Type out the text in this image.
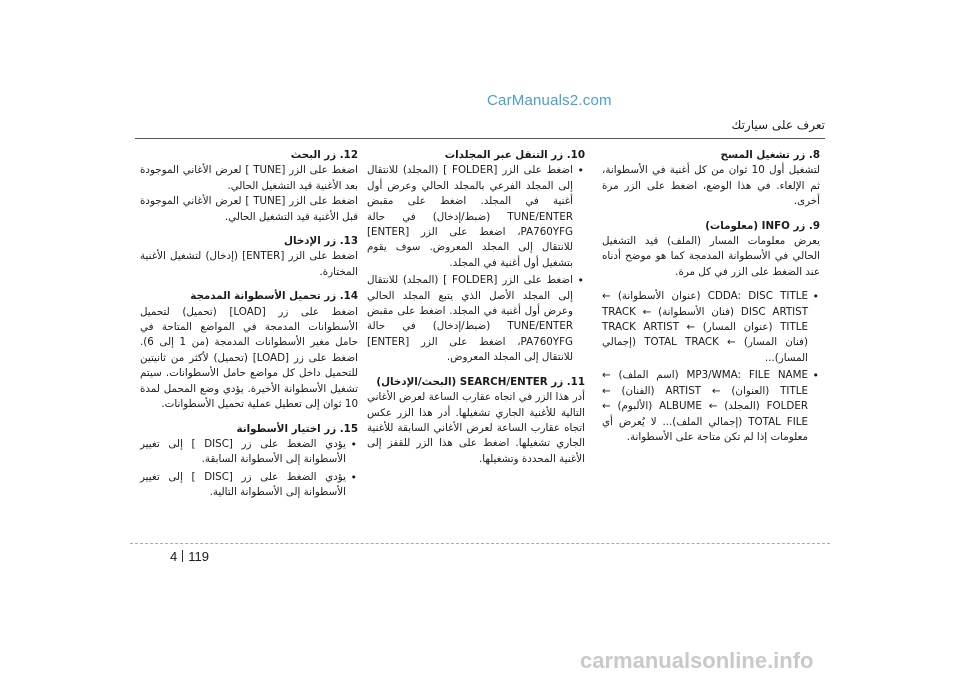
CarManuals2.com
تعرف على سيارتك

8. زر تشغيل المسح

لتشغيل أول 10 ثوان من كل أغنية في الأسطوانة، ثم الإلغاء. في هذا الوضع، اضغط على الزر مرة أخرى.

9. زر INFO (معلومات)

يعرض معلومات المسار (الملف) قيد التشغيل الحالي في الأسطوانة المدمجة كما هو موضح أدناه عند الضغط على الزر في كل مرة.

• CDDA: DISC TITLE (عنوان الأسطوانة) ← DISC ARTIST (فنان الأسطوانة) ← TRACK TITLE (عنوان المسار) ← TRACK ARTIST (فنان المسار) ← TOTAL TRACK (إجمالي المسار)...
• MP3/WMA: FILE NAME (اسم الملف) ← TITLE (العنوان) ← ARTIST (الفنان) ← FOLDER (المجلد) ← ALBUME (الألبوم) ← TOTAL FILE (إجمالي الملف)... لا يُعرض أي معلومات إذا لم تكن متاحة على الأسطوانة.

10. زر التنقل عبر المجلدات

• اضغط على الزر [FOLDER ] (المجلد) للانتقال إلى المجلد الفرعي بالمجلد الحالي وعرض أول أغنية في المجلد. اضغط على مقبض TUNE/ENTER (ضبط/إدخال) في حالة PA760YFG، اضغط على الزر [ENTER] للانتقال إلى المجلد المعروض. سوف يقوم بتشغيل أول أغنية في المجلد.
• اضغط على الزر [FOLDER ] (المجلد) للانتقال إلى المجلد الأصل الذي يتبع المجلد الحالي وعرض أول أغنية في المجلد. اضغط على مقبض TUNE/ENTER (ضبط/إدخال) في حالة PA760YFG، اضغط على الزر [ENTER] للانتقال إلى المجلد المعروض.

11. زر SEARCH/ENTER (البحث/الإدخال)

أدر هذا الزر في اتجاه عقارب الساعة لعرض الأغاني التالية للأغنية الجاري تشغيلها. أدر هذا الزر عكس اتجاه عقارب الساعة لعرض الأغاني السابقة للأغنية الجاري تشغيلها. اضغط على هذا الزر للقفز إلى الأغنية المحددة وتشغيلها.

12. زر البحث

اضغط على الزر [TUNE ] لعرض الأغاني الموجودة بعد الأغنية قيد التشغيل الحالي.

اضغط على الزر [TUNE ] لعرض الأغاني الموجودة قبل الأغنية قيد التشغيل الحالي.

13. زر الإدخال

اضغط على الزر [ENTER] (إدخال) لتشغيل الأغنية المختارة.

14. زر تحميل الأسطوانة المدمجة

اضغط على زر [LOAD] (تحميل) لتحميل الأسطوانات المدمجة في المواضع المتاحة في حامل مغير الأسطوانات المدمجة (من 1 إلى 6). اضغط على زر [LOAD] (تحميل) لأكثر من ثانيتين للتحميل داخل كل مواضع حامل الأسطوانات. سيتم تشغيل الأسطوانة الأخيرة. يؤدي وضع المحمل لمدة 10 ثوان إلى تعطيل عملية تحميل الأسطوانات.

15. زر اختيار الأسطوانة

• يؤدي الضغط على زر [DISC ] إلى تغيير الأسطوانة إلى الأسطوانة السابقة.
• يؤدي الضغط على زر [DISC ] إلى تغيير الأسطوانة إلى الأسطوانة التالية.
4 119
carmanualsonline.info
